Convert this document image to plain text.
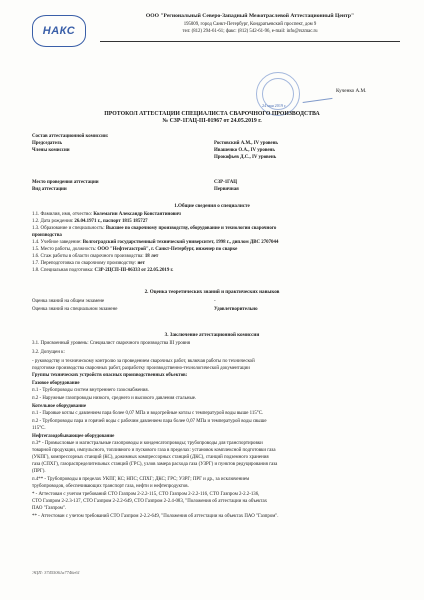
НАКС
ООО "Региональный Северо-Западный Межотраслевой Аттестационный Центр"
195009, город Санкт-Петербург, Кондратьевский проспект, дом 9
тел: (812) 294-61-61; факс: (812) 542-61-96, e-mail: info@rszmac.ru
Кученко А.М.
24 мая 2019 г.
ПРОТОКОЛ АТТЕСТАЦИИ СПЕЦИАЛИСТА СВАРОЧНОГО ПРОИЗВОДСТВА
№ СЗР-1ГАЦ-III-01967 от 24.05.2019 г.
Состав аттестационной комиссии:
Председатель	Ростовский А.М., IV уровень
Члены комиссии	Ивашенко О.А., IV уровень
Прокофьев Д.С., IV уровень
Место проведения аттестации	СЗР-1ГАЦ
Вид аттестации	Первичная
1.Общие сведения о специалисте
1.1. Фамилия, имя, отчество: Колемагин Александр Константинович
1.2. Дата рождения: 26.04.1971 г., паспорт 1815 185727
1.3. Образование и специальность: Высшее по сварочному производству, оборудование и технологии сварочного
производства
1.4. Учебное заведение: Волгоградский государственный технический университет, 1998 г., диплом ДВС 2707044
1.5. Место работы, должность: ООО "Нефтегазстрой", г. Санкт-Петербург, инженер по сварке
1.6. Стаж работы в области сварочного производства: 18 лет
1.7. Переподготовка по сварочному производству: нет
1.8. Специальная подготовка: СЗР-2ЦСП-III-06333 от 22.05.2019 г.
2. Оценка теоретических знаний и практических навыков
Оценка знаний на общем экзамене	-
Оценка знаний на специальном экзамене	Удовлетворительно
3. Заключение аттестационной комиссии
3.1. Присвоенный уровень: Специалист сварочного производства III уровня
3.2. Допущен к:
- руководству и техническому контролю за проведением сварочных работ, включая работы по технической
подготовке производства сварочных работ, разработку производственно-технологической документации
Группы технических устройств опасных производственных объектов:
Газовое оборудование
п.1 - Трубопроводы систем внутреннего газоснабжения.
п.2 - Наружные газопроводы низкого, среднего и высокого давления стальные.
Котельное оборудование
п.1 - Паровые котлы с давлением пара более 0,07 МПа и водогрейные котлы с температурой воды выше 115°С.
п.2 - Трубопроводы пара и горячей воды с рабочим давлением пара более 0,07 МПа и температурой воды свыше
115°С.
Нефтегазодобывающее оборудование
п.3* - Промысловые и магистральные газопроводы и конденсатопроводы; трубопроводы для транспортировки
товарной продукции, импульсного, топливного и пускового газа в пределах: установок комплексной подготовки газа
(УКПГ), компрессорных станций (КС), дожимных компрессорных станций (ДКС), станций подземного хранения
газа (СПХГ), газораспределительных станций (ГРС), узлов замера расхода газа (УЗРГ) и пунктов редуцирования газа
(ПРГ).
п.4** - Трубопроводы в пределах УКПГ, КС; НПС; СПХГ; ДКС; ГРС; УЗРГ; ПРГ и др., за исключением
трубопроводов, обеспечивающих транспорт газа, нефти и нефтепродуктов.
* - Аттестован с учетом требований СТО Газпром 2-2.2-115, СТО Газпром 2-2.2-116, СТО Газпром 2-2.2-136,
СТО Газпром 2-2.3-137, СТО Газпром 2-2.2-649, СТО Газпром 2-2.4-083, "Положения об аттестации на объектах
ПАО "Газпром".
** - Аттестован с учетом требований СТО Газпром 2-2.2-649, "Положения об аттестации на объектах ПАО "Газпром".
ЭЦП: 37455061a7746e61
